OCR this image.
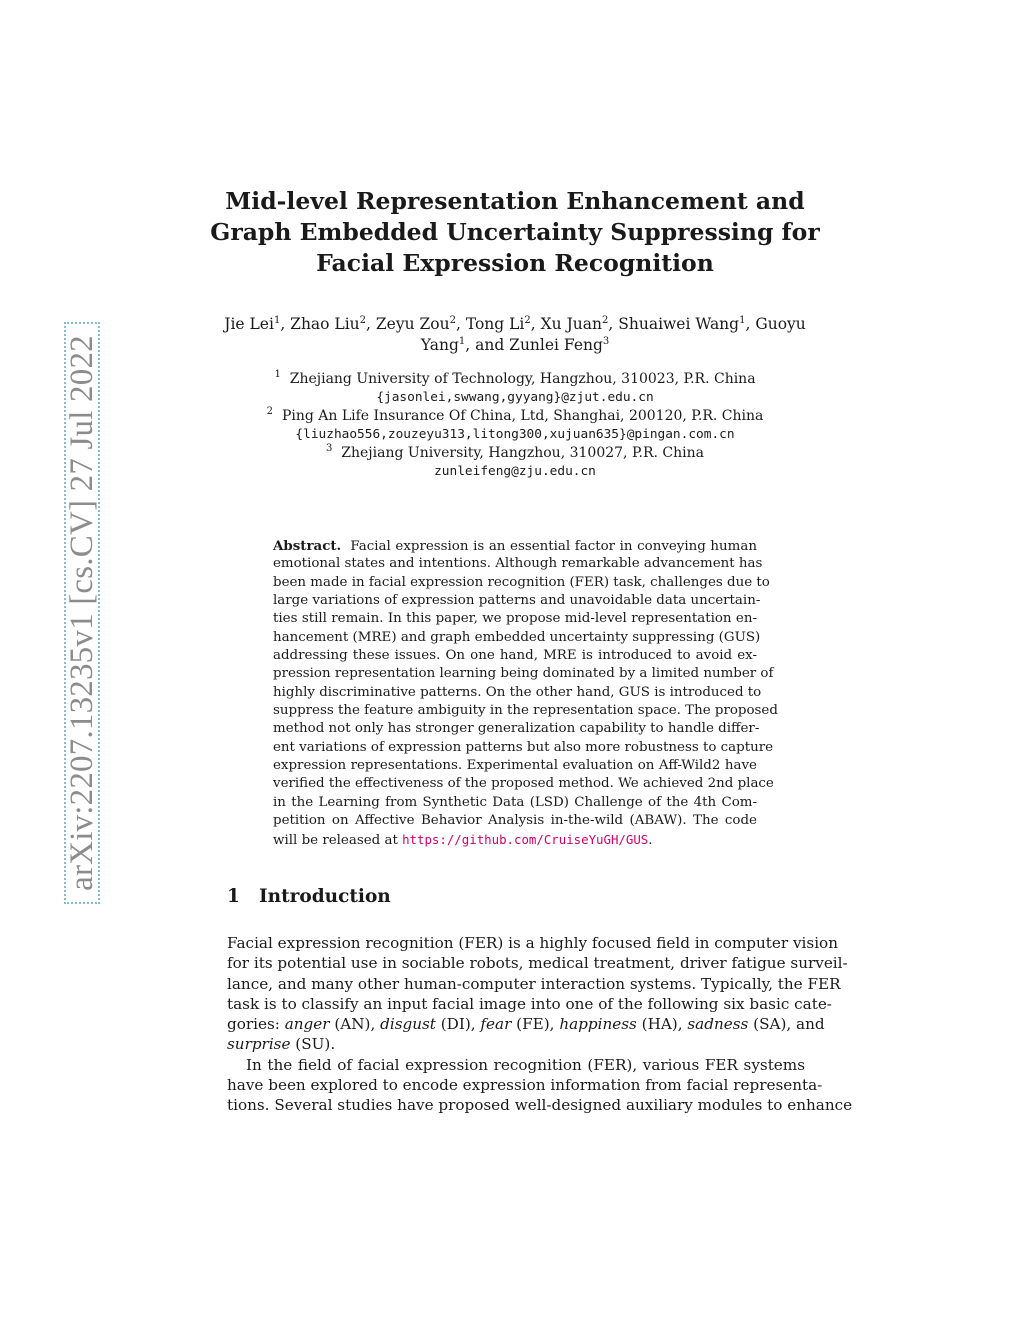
arXiv:2207.13235v1 [cs.CV] 27 Jul 2022
Mid-level Representation Enhancement and
Graph Embedded Uncertainty Suppressing for
Facial Expression Recognition
Jie Lei$^1$, Zhao Liu$^2$, Zeyu Zou$^2$, Tong Li$^2$, Xu Juan$^2$, Shuaiwei Wang$^1$, Guoyu
Yang$^1$, and Zunlei Feng$^3$
$^1$ Zhejiang University of Technology, Hangzhou, 310023, P.R. China
{jasonlei,swwang,gyyang}@zjut.edu.cn
$^2$ Ping An Life Insurance Of China, Ltd, Shanghai, 200120, P.R. China
{liuzhao556,zouzeyu313,litong300,xujuan635}@pingan.com.cn
$^3$ Zhejiang University, Hangzhou, 310027, P.R. China
zunleifeng@zju.edu.cn
Abstract. Facial expression is an essential factor in conveying human
emotional states and intentions. Although remarkable advancement has
been made in facial expression recognition (FER) task, challenges due to
large variations of expression patterns and unavoidable data uncertain-
ties still remain. In this paper, we propose mid-level representation en-
hancement (MRE) and graph embedded uncertainty suppressing (GUS)
addressing these issues. On one hand, MRE is introduced to avoid ex-
pression representation learning being dominated by a limited number of
highly discriminative patterns. On the other hand, GUS is introduced to
suppress the feature ambiguity in the representation space. The proposed
method not only has stronger generalization capability to handle differ-
ent variations of expression patterns but also more robustness to capture
expression representations. Experimental evaluation on Aff-Wild2 have
verified the effectiveness of the proposed method. We achieved 2nd place
in the Learning from Synthetic Data (LSD) Challenge of the 4th Com-
petition on Affective Behavior Analysis in-the-wild (ABAW). The code
will be released at https://github.com/CruiseYuGH/GUS.
1 Introduction
Facial expression recognition (FER) is a highly focused field in computer vision
for its potential use in sociable robots, medical treatment, driver fatigue surveil-
lance, and many other human-computer interaction systems. Typically, the FER
task is to classify an input facial image into one of the following six basic cate-
gories: anger (AN), disgust (DI), fear (FE), happiness (HA), sadness (SA), and
surprise (SU).
In the field of facial expression recognition (FER), various FER systems
have been explored to encode expression information from facial representa-
tions. Several studies have proposed well-designed auxiliary modules to enhance
